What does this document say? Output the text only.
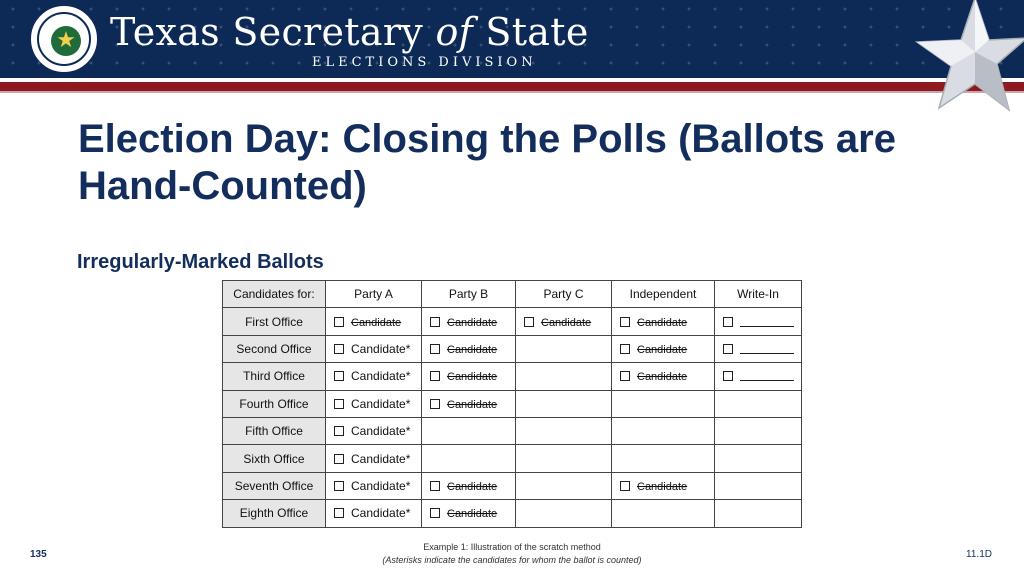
★ Texas Secretary of State
ELECTIONS DIVISION
Election Day: Closing the Polls (Ballots are Hand-Counted)
Irregularly-Marked Ballots
Candidates for:	Party A	Party B	Party C	Independent	Write-In
First Office	Candidate	Candidate	Candidate	Candidate	
Second Office	Candidate*	Candidate		Candidate	
Third Office	Candidate*	Candidate		Candidate	
Fourth Office	Candidate*	Candidate			
Fifth Office	Candidate*				
Sixth Office	Candidate*				
Seventh Office	Candidate*	Candidate		Candidate	
Eighth Office	Candidate*	Candidate			
135
Example 1: Illustration of the scratch method
(Asterisks indicate the candidates for whom the ballot is counted)	11.1D
